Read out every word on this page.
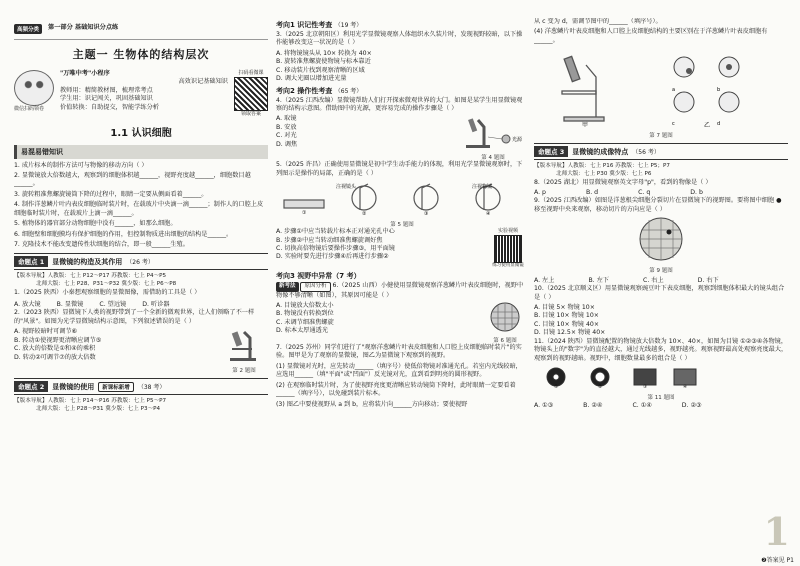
高频分类	第一部分 基础知识分点练
主题一 生物体的结构层次
微信扫码领卷
"万唯中考"小程序
高效识记基础知识
教师用：精简教材图，梳理常考点
学生用：识记闯关，巩固基础知识
价值转换：自助提交，智能学练分析
扫码看微课
领取答案
1.1 认识细胞
易混易错知识
1. 成片标本的制作方法可与物像的移动方向（ ）
2. 显微镜放大倍数越大，观察到的细胞体积越______，视野亮度越______，细胞数目越______。
3. 旋转粗准焦螺旋镜筒下降的过程中，眼睛一定要从侧面看着______。
4. 制作洋葱鳞片叶内表皮细胞临时装片时，在载玻片中央滴一滴______；制作人的口腔上皮细胞临时装片时，在载玻片上滴一滴______。
5. 植物体的器官部分动物细胞中没有______，如那么细胞。
6. 细胞壁和细胞膜均有保护细胞的作用，但控制物质进出细胞的结构是______。
7. 克隆技术不能改变遗传性状细胞的结合，即一般______生殖。
命题点 1	显微镜的构造及其作用 （26 考）
【版本导航】人教版：七上 P12～P17 苏教版：七上 P4～P5
北师大版：七上 P28、P31～P32 冀少版：七上 P6～P8
1.（2025 陕西）小秦想观察细胞的显微图像，需借助的工具是（ ）
A. 放大镜	B. 显微镜	C. 望远镜	D. 听诊器
2.（2023 陕西）显微镜下人类的视野带到了一个全新的微观世界，让人们领略了不一样的"风景"。如图为光学显微镜结构示意图，下列叙述错误的是（ ）
A. 视野较暗时可调节⑥
B. 转动①使视野更清晰应调节⑤
C. 放大的倍数是①和④的乘积
D. 转动②可调节⑦的放大倍数
第 2 题图
命题点 2	显微镜的使用	新课标新增	（38 考）
【版本导航】人教版：七上 P14～P16 苏教版：七上 P5～P7
北师大版：七上 P28～P31 冀少版：七上 P3～P4
考向1 识记性考查 （19 考）
3.（2025 北京朝阳区）利用光学显微镜观察人体组织永久装片时，发现视野较暗，以下操作能够改变这一状况的是（ ）
A. 将物镜镜头从 10× 转换为 40×
B. 旋转准焦螺旋使物镜与标本靠近
C. 移动装片找到观察清晰的区域
D. 调大光圈以增加进光量
考向2 操作性考查 （65 考）
4.（2025 江西改编）显微镜帮助人们打开探索微观世界的大门。如图是某学生用显微镜观察的结构示意图。借助图中的光源，更容易完成的操作步骤是（ ）
A. 取镜
B. 安放
C. 对光
D. 调焦
光源
第 4 题图
5.（2025 许昌）正确使用显微镜是初中学生动手能力的体现，利用光学显微镜观察时，下列图示是操作的局部，正确的是（ ）
注视镜头	注视物镜
①	②	③	④
第 5 题图
A. 步骤①中应当转载片标本正对通光孔中心
B. 步骤②中应当转动细准焦螺旋调好焦
C. 切换高倍物镜后要操作步骤③，用平面镜
D. 实验时要先进行步骤④后再进行步骤②
实验视频
练习使用显微镜
考向3 视野中异常（7 考）
新考法 原因分析 6.（2025 山西）小健使用显微镜观察洋葱鳞片叶表皮细胞时，视野中物像不够清晰（如图），其原因可能是（ ）
A. 目镜放大倍数太小
B. 物镜没有转换到位
C. 未调节细准焦螺旋
D. 标本太厚通透光
第 6 题图
7.（2025 苏州）同学们进行了"观察洋葱鳞片叶表皮细胞和人口腔上皮细胞临时装片"的实验。图甲是为了观察的显微镜，图乙为显微镜下观察到的视野。
(1) 显微镜对光时，应先转动______（填序号）使低倍物镜对准通光孔。若室内光线较暗，应选用______（填"平面"或"凹面"）反光镜对光，直到看到明亮的圆形视野。
(2) 在观察临时装片时，为了使视野亮度更清晰应转动镜筒下降时，此时眼睛一定要看着______（填序号），以免碰到装片标本。
(3) 图乙中要使视野从 a 到 b，应将装片向______方向移动；要使视野
从 c 变为 d，需调节图中的______（填序号）。
(4) 洋葱鳞片叶表皮细胞和人口腔上皮细胞结构的主要区别在于洋葱鳞片叶表皮细胞有______。
a	b
c	d
甲	乙
第 7 题图
命题点 3	显微镜的成像特点 （56 考）
【版本导航】人教版：七上 P16 苏教版：七上 P5；P7
北师大版：七上 P30 冀少版：七上 P6
8.（2025 湖北）用显微镜观察英文字母"p"，看到的物像是（ ）
A. p	B. d	C. q	D. b
9.（2025 江西改编）如图是洋葱根尖细胞分裂切片在显微镜下的视野图。要将图中细胞 ● 移至视野中央来观察，移动切片的方向应是（ ）
第 9 题图
A. 左上	B. 左下	C. 右上	D. 右下
10.（2025 北京顺义区）用显微镜观察豌豆叶下表皮细胞，观察到细胞体积最大的镜头组合是（ ）
A. 目镜 5× 物镜 10×
B. 目镜 10× 物镜 10×
C. 目镜 10× 物镜 40×
D. 目镜 12.5× 物镜 40×
11.（2024 陕西）显微镜配置的物镜放大倍数为 10×、40×，如图为目镜 ①②③④各物镜，物镜头上的"数字"为的直径越大，通过光线越多，视野越亮。观察视野最高处观察亮度最大，观察到的视野越暗。视野中，细胞数量最多的组合是（ ）
①	②	③	④
第 11 题图
A. ①③	B. ②④	C. ①④	D. ②③
1
❷答案见 P1
